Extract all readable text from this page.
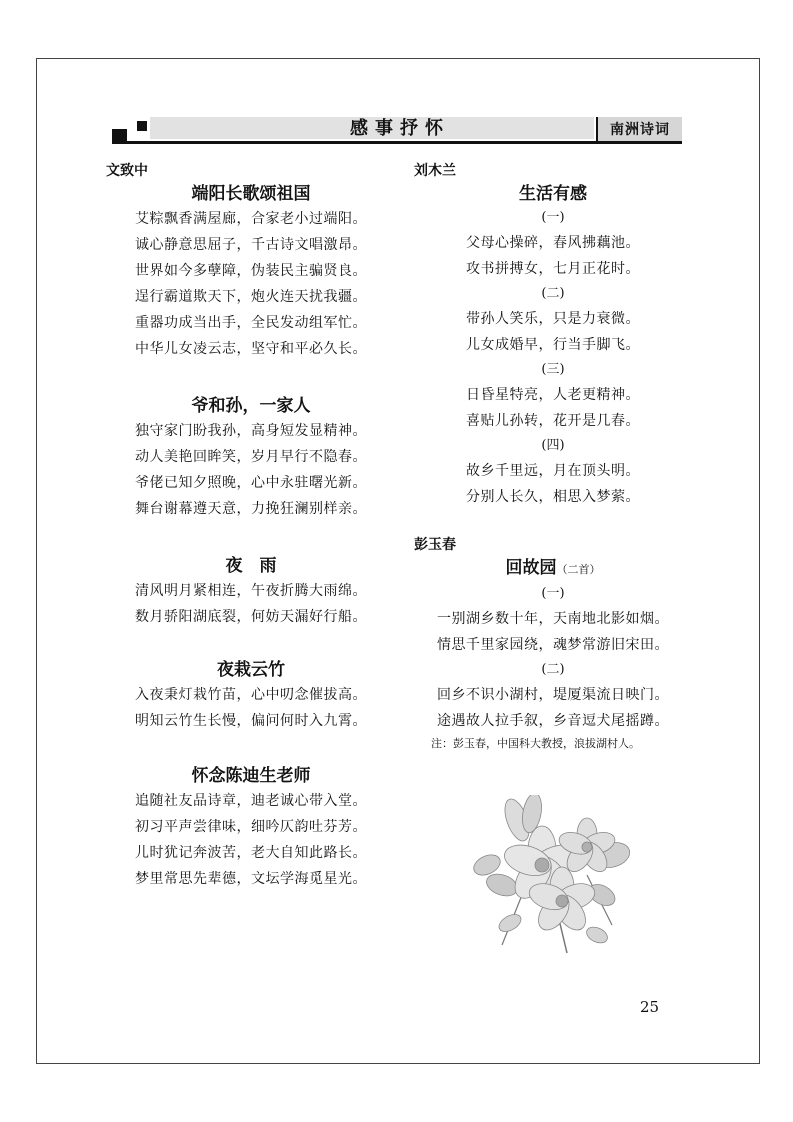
感事抒怀	南洲诗词
文致中
端阳长歌颂祖国
艾粽飘香满屋廊，合家老小过端阳。
诚心静意思屈子，千古诗文唱激昂。
世界如今多孽障，伪装民主骗贤良。
逞行霸道欺天下，炮火连天扰我疆。
重器功成当出手，全民发动组军忙。
中华儿女凌云志，坚守和平必久长。
爷和孙，一家人
独守家门盼我孙，高身短发显精神。
动人美艳回眸笑，岁月早行不隐春。
爷佬已知夕照晚，心中永驻曙光新。
舞台谢幕遵天意，力挽狂澜别样亲。
夜　雨
清风明月紧相连，午夜折腾大雨绵。
数月骄阳湖底裂，何妨天漏好行船。
夜栽云竹
入夜秉灯栽竹苗，心中叨念催拔高。
明知云竹生长慢，偏问何时入九霄。
怀念陈迪生老师
追随社友品诗章，迪老诚心带入堂。
初习平声尝律味，细吟仄韵吐芬芳。
儿时犹记奔波苦，老大自知此路长。
梦里常思先辈德，文坛学海觅星光。
刘木兰
生活有感
(一)
父母心操碎，春风拂藕池。
攻书拼搏女，七月正花时。
(二)
带孙人笑乐，只是力衰微。
儿女成婚早，行当手脚飞。
(三)
日昏星特亮，人老更精神。
喜贴儿孙转，花开是几春。
(四)
故乡千里远，月在顶头明。
分别人长久，相思入梦萦。
彭玉春
回故园（二首）
(一)
一别湖乡数十年，天南地北影如烟。
情思千里家园绕，魂梦常游旧宋田。
(二)
回乡不识小湖村，堤厦渠流日映门。
途遇故人拉手叙，乡音逗犬尾摇蹲。
注：彭玉春，中国科大教授，浪拔湖村人。
25
